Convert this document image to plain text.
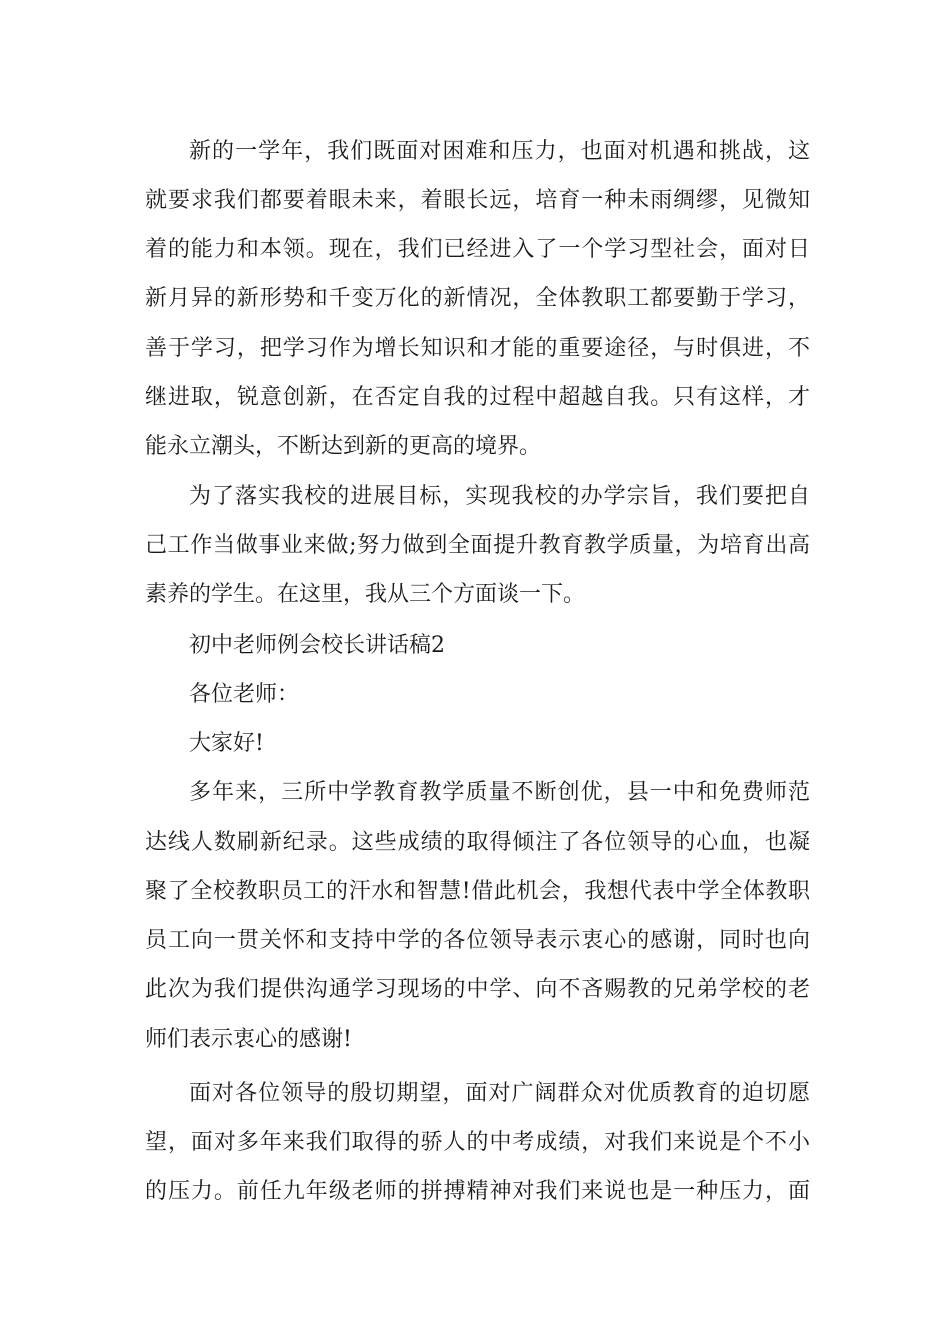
新的一学年，我们既面对困难和压力，也面对机遇和挑战，这
就要求我们都要着眼未来，着眼长远，培育一种未雨绸缪，见微知
着的能力和本领。现在，我们已经进入了一个学习型社会，面对日
新月异的新形势和千变万化的新情况，全体教职工都要勤于学习，
善于学习，把学习作为增长知识和才能的重要途径，与时俱进，不
继进取，锐意创新，在否定自我的过程中超越自我。只有这样，才
能永立潮头，不断达到新的更高的境界。
为了落实我校的进展目标，实现我校的办学宗旨，我们要把自
己工作当做事业来做;努力做到全面提升教育教学质量，为培育出高
素养的学生。在这里，我从三个方面谈一下。
初中老师例会校长讲话稿2
各位老师：
大家好!
多年来，三所中学教育教学质量不断创优，县一中和免费师范
达线人数刷新纪录。这些成绩的取得倾注了各位领导的心血，也凝
聚了全校教职员工的汗水和智慧!借此机会，我想代表中学全体教职
员工向一贯关怀和支持中学的各位领导表示衷心的感谢，同时也向
此次为我们提供沟通学习现场的中学、向不吝赐教的兄弟学校的老
师们表示衷心的感谢!
面对各位领导的殷切期望，面对广阔群众对优质教育的迫切愿
望，面对多年来我们取得的骄人的中考成绩，对我们来说是个不小
的压力。前任九年级老师的拼搏精神对我们来说也是一种压力，面
